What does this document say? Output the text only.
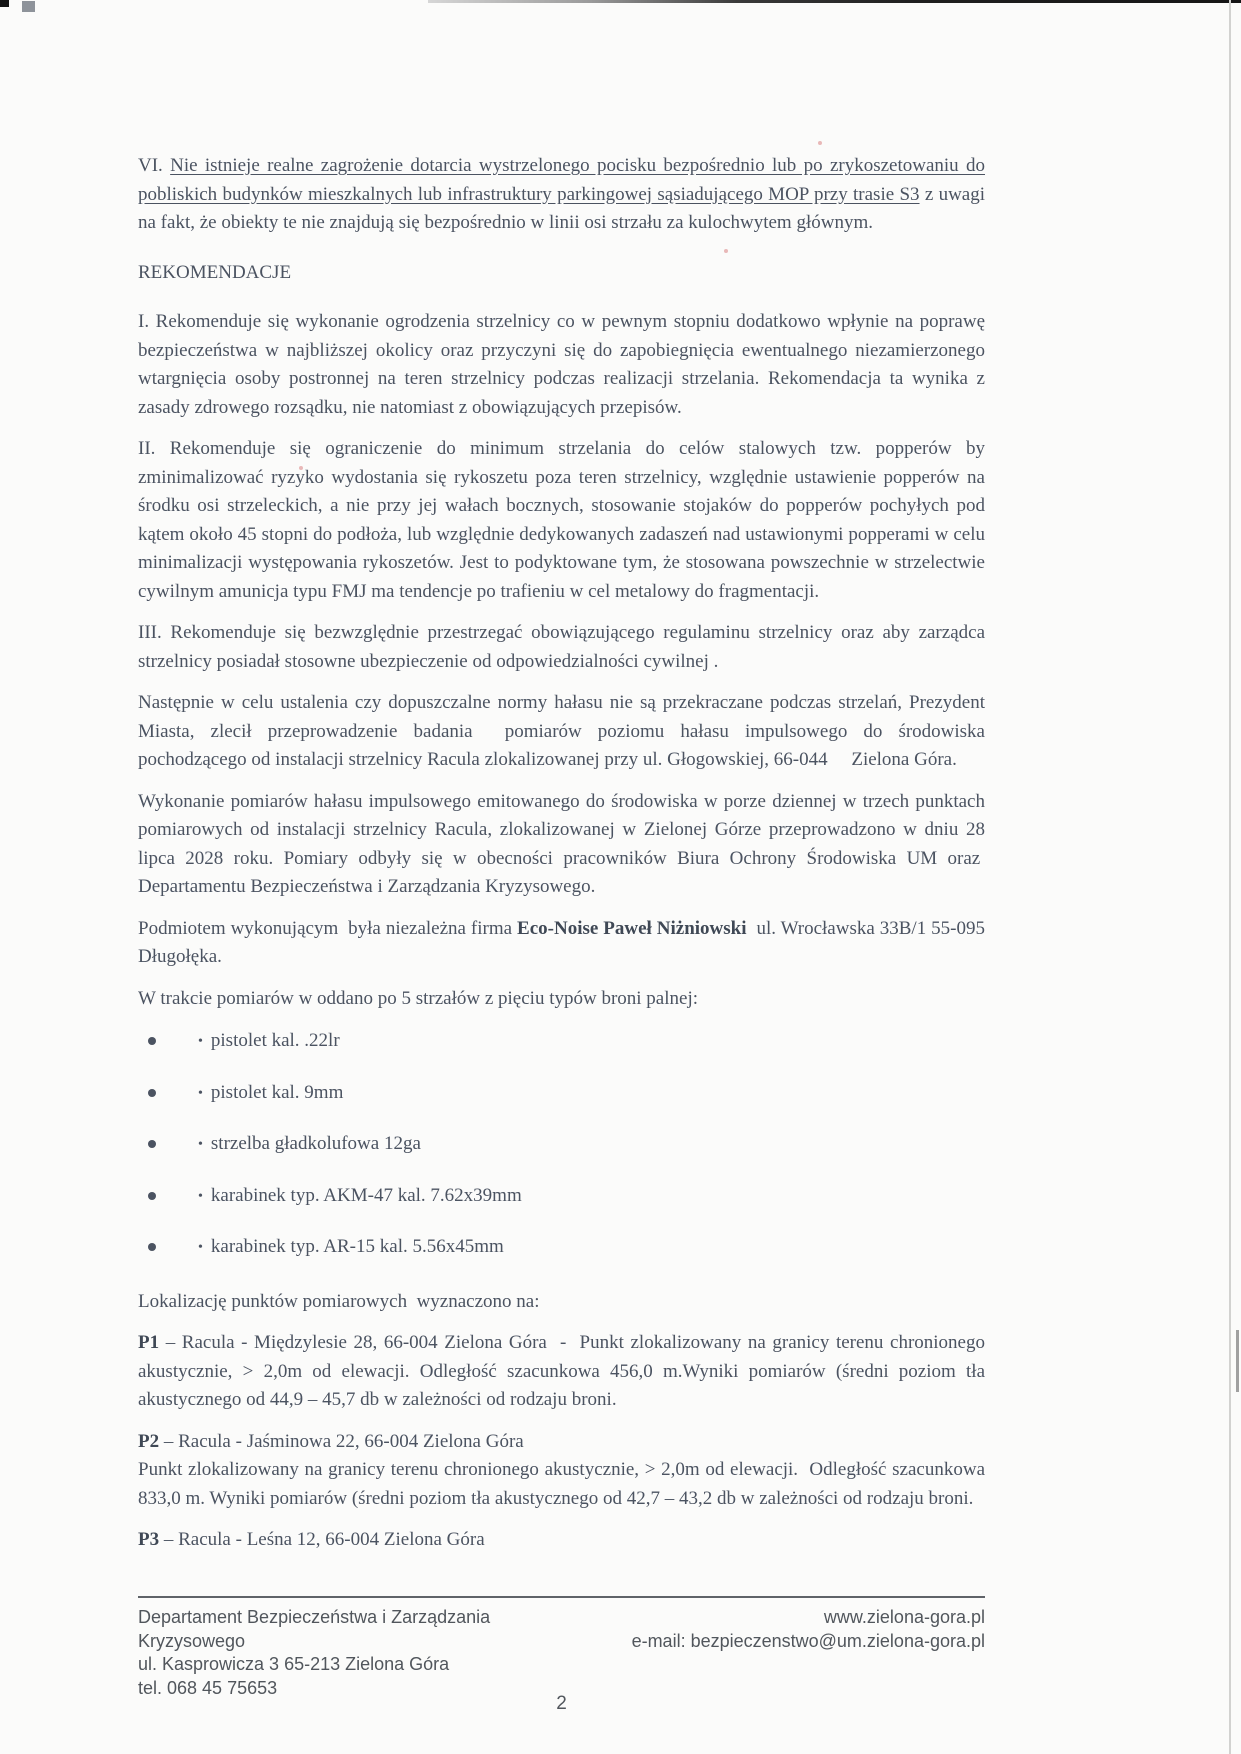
VI. Nie istnieje realne zagrożenie dotarcia wystrzelonego pocisku bezpośrednio lub po zrykoszetowaniu do pobliskich budynków mieszkalnych lub infrastruktury parkingowej sąsiadującego MOP przy trasie S3 z uwagi na fakt, że obiekty te nie znajdują się bezpośrednio w linii osi strzału za kulochwytem głównym.

REKOMENDACJE

I. Rekomenduje się wykonanie ogrodzenia strzelnicy co w pewnym stopniu dodatkowo wpłynie na poprawę bezpieczeństwa w najbliższej okolicy oraz przyczyni się do zapobiegnięcia ewentualnego niezamierzonego wtargnięcia osoby postronnej na teren strzelnicy podczas realizacji strzelania. Rekomendacja ta wynika z zasady zdrowego rozsądku, nie natomiast z obowiązujących przepisów.

II. Rekomenduje się ograniczenie do minimum strzelania do celów stalowych tzw. popperów by zminimalizować ryzyko wydostania się rykoszetu poza teren strzelnicy, względnie ustawienie popperów na środku osi strzeleckich, a nie przy jej wałach bocznych, stosowanie stojaków do popperów pochyłych pod kątem około 45 stopni do podłoża, lub względnie dedykowanych zadaszeń nad ustawionymi popperami w celu minimalizacji występowania rykoszetów. Jest to podyktowane tym, że stosowana powszechnie w strzelectwie cywilnym amunicja typu FMJ ma tendencje po trafieniu w cel metalowy do fragmentacji.

III. Rekomenduje się bezwzględnie przestrzegać obowiązującego regulaminu strzelnicy oraz aby zarządca strzelnicy posiadał stosowne ubezpieczenie od odpowiedzialności cywilnej .

Następnie w celu ustalenia czy dopuszczalne normy hałasu nie są przekraczane podczas strzelań, Prezydent Miasta, zlecił przeprowadzenie badania  pomiarów poziomu hałasu impulsowego do środowiska pochodzącego od instalacji strzelnicy Racula zlokalizowanej przy ul. Głogowskiej, 66-044     Zielona Góra.

Wykonanie pomiarów hałasu impulsowego emitowanego do środowiska w porze dziennej w trzech punktach pomiarowych od instalacji strzelnicy Racula, zlokalizowanej w Zielonej Górze przeprowadzono w dniu 28 lipca 2028 roku. Pomiary odbyły się w obecności pracowników Biura Ochrony Środowiska UM oraz  Departamentu Bezpieczeństwa i Zarządzania Kryzysowego.

Podmiotem wykonującym  była niezależna firma Eco-Noise Paweł Niżniowski  ul. Wrocławska 33B/1 55-095 Długołęka.

W trakcie pomiarów w oddano po 5 strzałów z pięciu typów broni palnej:

• pistolet kal. .22lr
• pistolet kal. 9mm
• strzelba gładkolufowa 12ga
• karabinek typ. AKM-47 kal. 7.62x39mm
• karabinek typ. AR-15 kal. 5.56x45mm

Lokalizację punktów pomiarowych  wyznaczono na:

P1 – Racula - Międzylesie 28, 66-004 Zielona Góra  -  Punkt zlokalizowany na granicy terenu chronionego akustycznie, > 2,0m od elewacji. Odległość szacunkowa 456,0 m.Wyniki pomiarów (średni poziom tła akustycznego od 44,9 – 45,7 db w zależności od rodzaju broni.

P2 – Racula - Jaśminowa 22, 66-004 Zielona Góra
Punkt zlokalizowany na granicy terenu chronionego akustycznie, > 2,0m od elewacji.  Odległość szacunkowa 833,0 m. Wyniki pomiarów (średni poziom tła akustycznego od 42,7 – 43,2 db w zależności od rodzaju broni.

P3 – Racula - Leśna 12, 66-004 Zielona Góra

Departament Bezpieczeństwa i Zarządzania
Kryzysowego
ul. Kasprowicza 3 65-213 Zielona Góra
tel. 068 45 75653
www.zielona-gora.pl
e-mail: bezpieczenstwo@um.zielona-gora.pl
2
